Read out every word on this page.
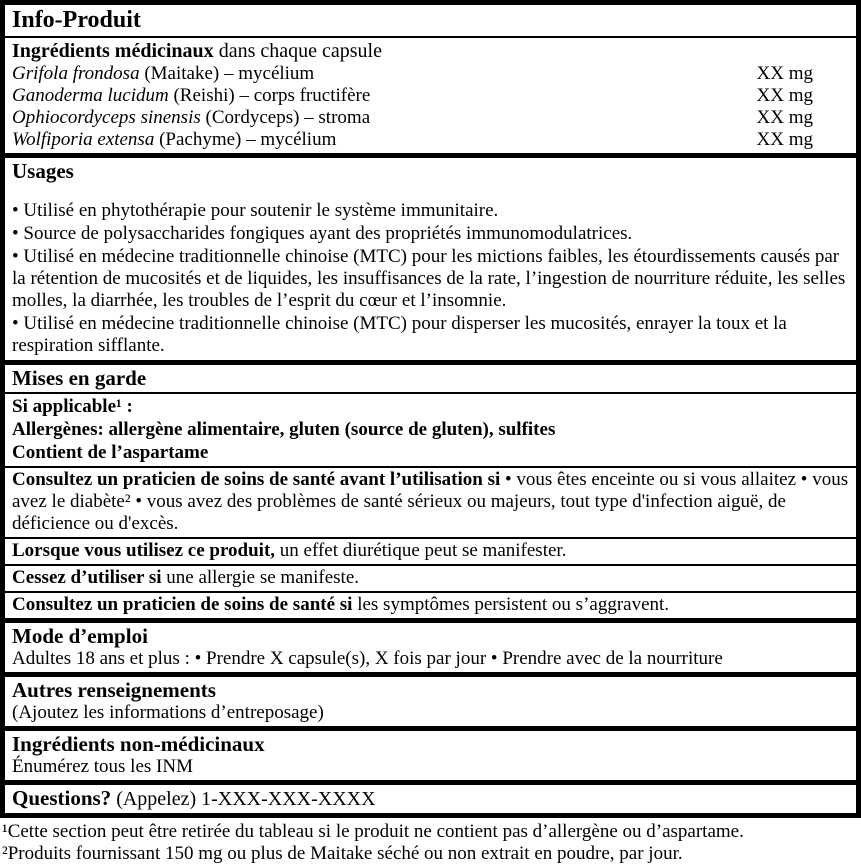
Info-Produit

Ingrédients médicinaux dans chaque capsule

Grifola frondosa (Maitake) – mycélium	XX mg
Ganoderma lucidum (Reishi) – corps fructifère	XX mg
Ophiocordyceps sinensis (Cordyceps) – stroma	XX mg
Wolfiporia extensa (Pachyme) – mycélium	XX mg
Usages

• Utilisé en phytothérapie pour soutenir le système immunitaire.

• Source de polysaccharides fongiques ayant des propriétés immunomodulatrices.

• Utilisé en médecine traditionnelle chinoise (MTC) pour les mictions faibles, les étourdissements causés par la rétention de mucosités et de liquides, les insuffisances de la rate, l’ingestion de nourriture réduite, les selles molles, la diarrhée, les troubles de l’esprit du cœur et l’insomnie.

• Utilisé en médecine traditionnelle chinoise (MTC) pour disperser les mucosités, enrayer la toux et la respiration sifflante.

Mises en garde

Si applicable¹ :

Allergènes: allergène alimentaire, gluten (source de gluten), sulfites

Contient de l’aspartame

Consultez un praticien de soins de santé avant l’utilisation si • vous êtes enceinte ou si vous allaitez • vous avez le diabète² • vous avez des problèmes de santé sérieux ou majeurs, tout type d'infection aiguë, de déficience ou d'excès.

Lorsque vous utilisez ce produit, un effet diurétique peut se manifester.

Cessez d’utiliser si une allergie se manifeste.

Consultez un praticien de soins de santé si les symptômes persistent ou s’aggravent.

Mode d’emploi

Adultes 18 ans et plus : • Prendre X capsule(s), X fois par jour • Prendre avec de la nourriture

Autres renseignements

(Ajoutez les informations d’entreposage)

Ingrédients non-médicinaux

Énumérez tous les INM

Questions? (Appelez) 1-XXX-XXX-XXXX

¹Cette section peut être retirée du tableau si le produit ne contient pas d’allergène ou d’aspartame.

²Produits fournissant 150 mg ou plus de Maitake séché ou non extrait en poudre, par jour.
